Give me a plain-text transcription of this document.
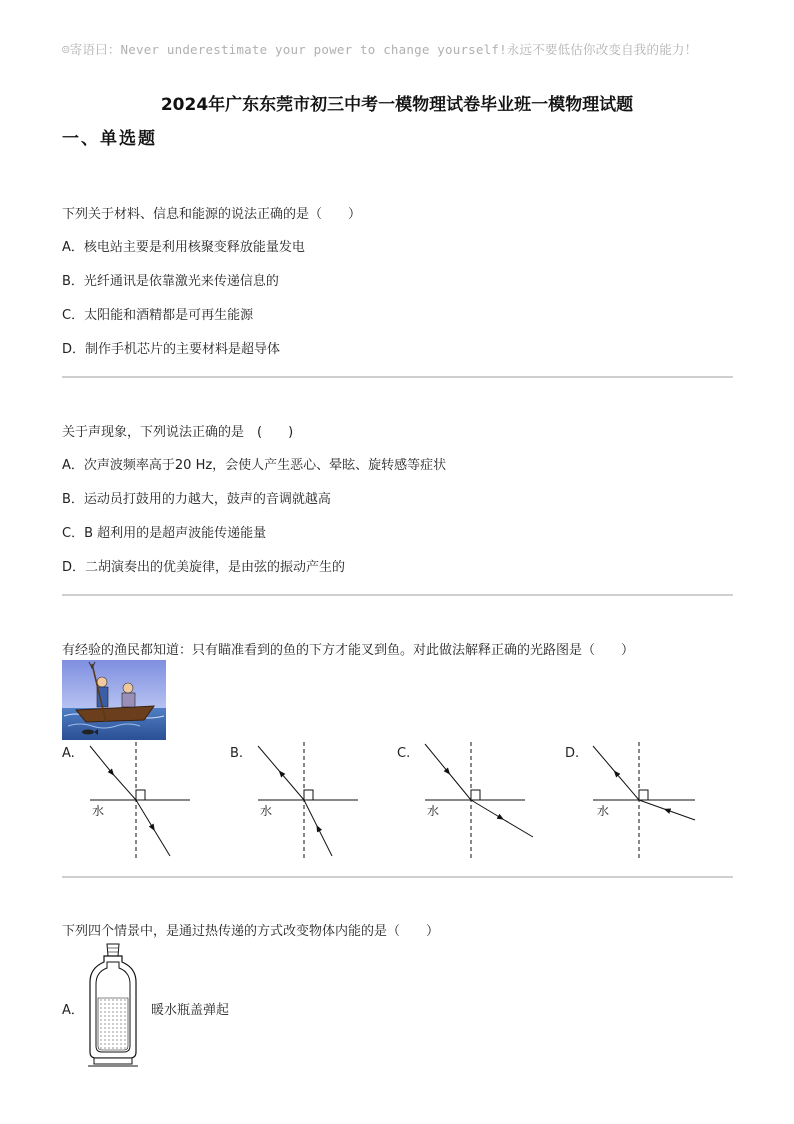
☺寄语曰：Never underestimate your power to change yourself!永远不要低估你改变自我的能力！
2024年广东东莞市初三中考一模物理试卷毕业班一模物理试题
一、单选题
下列关于材料、信息和能源的说法正确的是（　　）
A．核电站主要是利用核聚变释放能量发电
B．光纤通讯是依靠激光来传递信息的
C．太阳能和酒精都是可再生能源
D．制作手机芯片的主要材料是超导体
关于声现象，下列说法正确的是　(　　)
A．次声波频率高于20 Hz，会使人产生恶心、晕眩、旋转感等症状
B．运动员打鼓用的力越大，鼓声的音调就越高
C．B 超利用的是超声波能传递能量
D．二胡演奏出的优美旋律，是由弦的振动产生的
有经验的渔民都知道：只有瞄准看到的鱼的下方才能叉到鱼。对此做法解释正确的光路图是（　　）
A.	B.	C.	D.
水	水	水	水
下列四个情景中，是通过热传递的方式改变物体内能的是（　　）
A．	暖水瓶盖弹起
